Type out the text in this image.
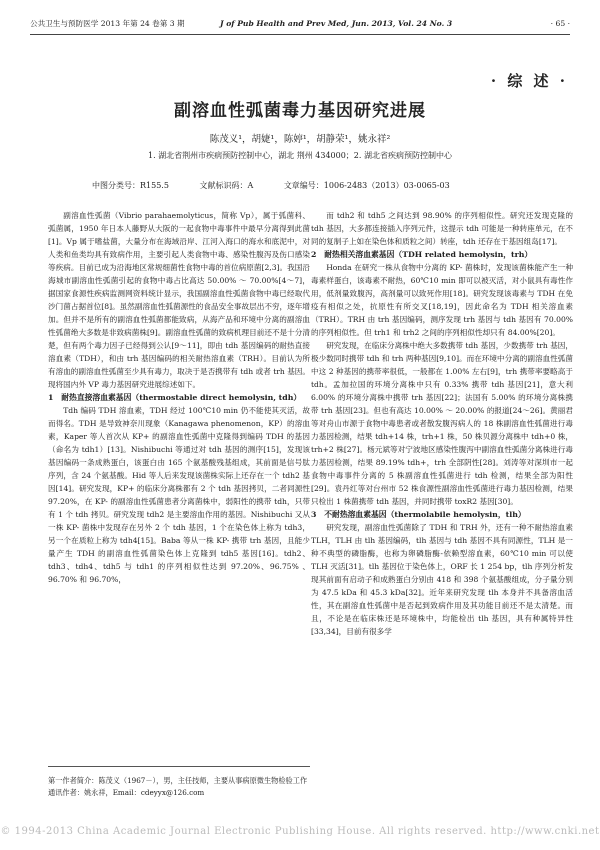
公共卫生与预防医学 2013 年第 24 卷第 3 期	J of Pub Health and Prev Med, Jun. 2013, Vol. 24 No. 3	· 65 ·
· 综 述 ·
副溶血性弧菌毒力基因研究进展
陈茂义¹，胡婕¹，陈婷¹，胡静荣¹，姚永祥²
1. 湖北省荆州市疾病预防控制中心，湖北 荆州 434000；2. 湖北省疾病预防控制中心
中图分类号：R155.5	文献标识码：A	文章编号：1006-2483（2013）03-0065-03

副溶血性弧菌（Vibrio parahaemolyticus，简称 Vp），属于弧菌科、弧菌属，1950 年日本人藤野从大阪的一起食物中毒事件中最早分离得到此菌[1]。Vp 属于嗜盐菌，大量分布在海域沿岸、江河入海口的海水和底泥中，对人类和鱼类均具有致病作用，主要引起人类食物中毒、感染性腹泻及伤口感染等疾病。目前已成为沿海地区常规细菌性食物中毒的首位病原菌[2,3]。我国沿海城市副溶血性弧菌引起的食物中毒占比高达 50.00% ～ 70.00%[4～7]，据国家食源性疾病监测网资料统计显示，我国副溶血性弧菌食物中毒已经取代沙门菌占据首位[8]。虽然副溶血性弧菌源性的食品安全事故层出不穷，逐年增加。但并不是所有的副溶血性弧菌都能致病，从海产品和环境中分离的副溶血性弧菌绝大多数是非致病菌株[9]。副溶血性弧菌的致病机理目前还不是十分清楚，但有两个毒力因子已经得到公认[9～11]，即由 tdh 基因编码的耐热直接溶血素（TDH），和由 trh 基因编码的相关耐热溶血素（TRH）。目前认为所有溶血的副溶血性弧菌至少具有毒力，取决于是否携带有 tdh 或者 trh 基因。现将国内外 VP 毒力基因研究进展综述如下。

1　耐热直接溶血素基因（thermostable direct hemolysin, tdh）

Tdh 编码 TDH 溶血素，TDH 经过 100℃10 min 仍不能使其灭活，故而得名。TDH 是导致神奈川现象（Kanagawa phenomenon，KP）的溶血素，Kaper 等人首次从 KP+ 的副溶血性弧菌中克隆得到编码 TDH 的基因（命名为 tdh1）[13]。Nishibuchi 等通过对 tdh 基因的测序[15]，发现该基因编码一条成熟蛋白，该蛋白由 165 个氨基酸残基组成，其前面是信号肽序列，含 24 个氨基酸。Hid 等人后来发现该菌株实际上还存在一个 tdh2 基因[14]。研究发现，KP+ 的临床分离株都有 2 个 tdh 基因拷贝，二者同源性 97.20%，在 KP- 的副溶血性弧菌患者分离菌株中，弱阳性的携带 tdh，只带有 1 个 tdh 拷贝。研究发现 tdh2 是主要溶血作用的基因。Nishibuchi 又从一株 KP- 菌株中发现存在另外 2 个 tdh 基因，1 个在染色体上称为 tdh3，另一个在质粒上称为 tdh4[15]。Baba 等从一株 KP- 携带 trh 基因，且能少量产生 TDH 的副溶血性弧菌染色体上克隆到 tdh5 基因[16]。tdh2、tdh3、tdh4、tdh5 与 tdh1 的序列相似性达到 97.20%、96.75% 、96.70% 和 96.70%，

而 tdh2 和 tdh5 之间达到 98.90% 的序列相似性。研究还发现克隆的 tdh 基因，大多都连接插入序列元件，这提示 tdh 可能是一种转座单元，在不同的复制子上如在染色体和质粒之间）转座，tdh 还存在于基因组岛[17]。

2　耐热相关溶血素基因（TDH related hemolysin，trh）

Honda 在研究一株从食物中分离的 KP- 菌株时，发现该菌株能产生一种毒素样蛋白，该毒素不耐热，60℃10 min 即可以被灭活，对小鼠具有毒性作用，低剂量致腹泻，高剂量可以致死作用[18]。研究发现该毒素与 TDH 在免疫有相似之处，抗原性有所交叉[18,19]，因此命名为 TDH 相关溶血素（TRH）。TRH 由 trh 基因编码，测序发现 trh 基因与 tdh 基因有 70.00% 的序列相似性。但 trh1 和 trh2 之间的序列相似性却只有 84.00%[20]。

研究发现，在临床分离株中绝大多数携带 tdh 基因，少数携带 trh 基因，极少数同时携带 tdh 和 trh 两种基因[9,10]。而在环境中分离的副溶血性弧菌中这 2 种基因的携带率很低，一般都在 1.00% 左右[9]，trh 携带率要略高于 tdh。孟加拉国的环境分离株中只有 0.33% 携带 tdh 基因[21]，意大利 6.00% 的环境分离株中携带 trh 基因[22]；法国有 5.00% 的环境分离株携带 trh 基因[23]。但也有高达 10.00% ～ 20.00% 的报道[24～26]。黄丽君等对舟山市源于食物中毒患者或者散发腹泻病人的 18 株副溶血性弧菌进行毒力基因检测，结果 tdh+14 株，trh+1 株，50 株贝源分离株中 tdh+0 株，trh+2 株[27]。杨元斌等对宁波地区感染性腹泻中副溶血性弧菌分离株进行毒力基因检测，结果 89.19% tdh+，trh 全部阴性[28]。刘涛等对深圳市一起食物中毒事件分离的 5 株副溶血性弧菌进行 tdh 检测，结果全部为阳性[29]。袁丹红等对台州市 52 株食源性副溶血性弧菌进行毒力基因检测，结果只检出 1 株菌携带 tdh 基因，并同时携带 toxR2 基因[30]。

3　不耐热溶血素基因（thermolabile hemolysin，tlh）

研究发现，副溶血性弧菌除了 TDH 和 TRH 外，还有一种不耐热溶血素 TLH，TLH 由 tlh 基因编码，tlh 基因与 tdh 基因不具有同源性，TLH 是一种不典型的磷脂酶，也称为卵磷脂酶-依赖型溶血素，60℃10 min 可以使 TLH 灭活[31]。tlh 基因位于染色体上，ORF 长 1 254 bp，tlh 序列分析发现其前面有启动子和成熟蛋白分别由 418 和 398 个氨基酸组成，分子量分别为 47.5 kDa 和 45.3 kDa[32]。近年来研究发现 tlh 本身并不具备溶血活性，其在副溶血性弧菌中是否起到致病作用及其功能目前还不是太清楚。而且，不论是在临床株还是环境株中，均能检出 tlh 基因，具有种属特异性[33,34]，目前有很多学

第一作者简介：陈茂义（1967－），男，主任技师，主要从事病原微生物检验工作
通讯作者：姚永祥，Email：cdeyyx@126.com
© 1994-2013 China Academic Journal Electronic Publishing House. All rights reserved. http://www.cnki.net
